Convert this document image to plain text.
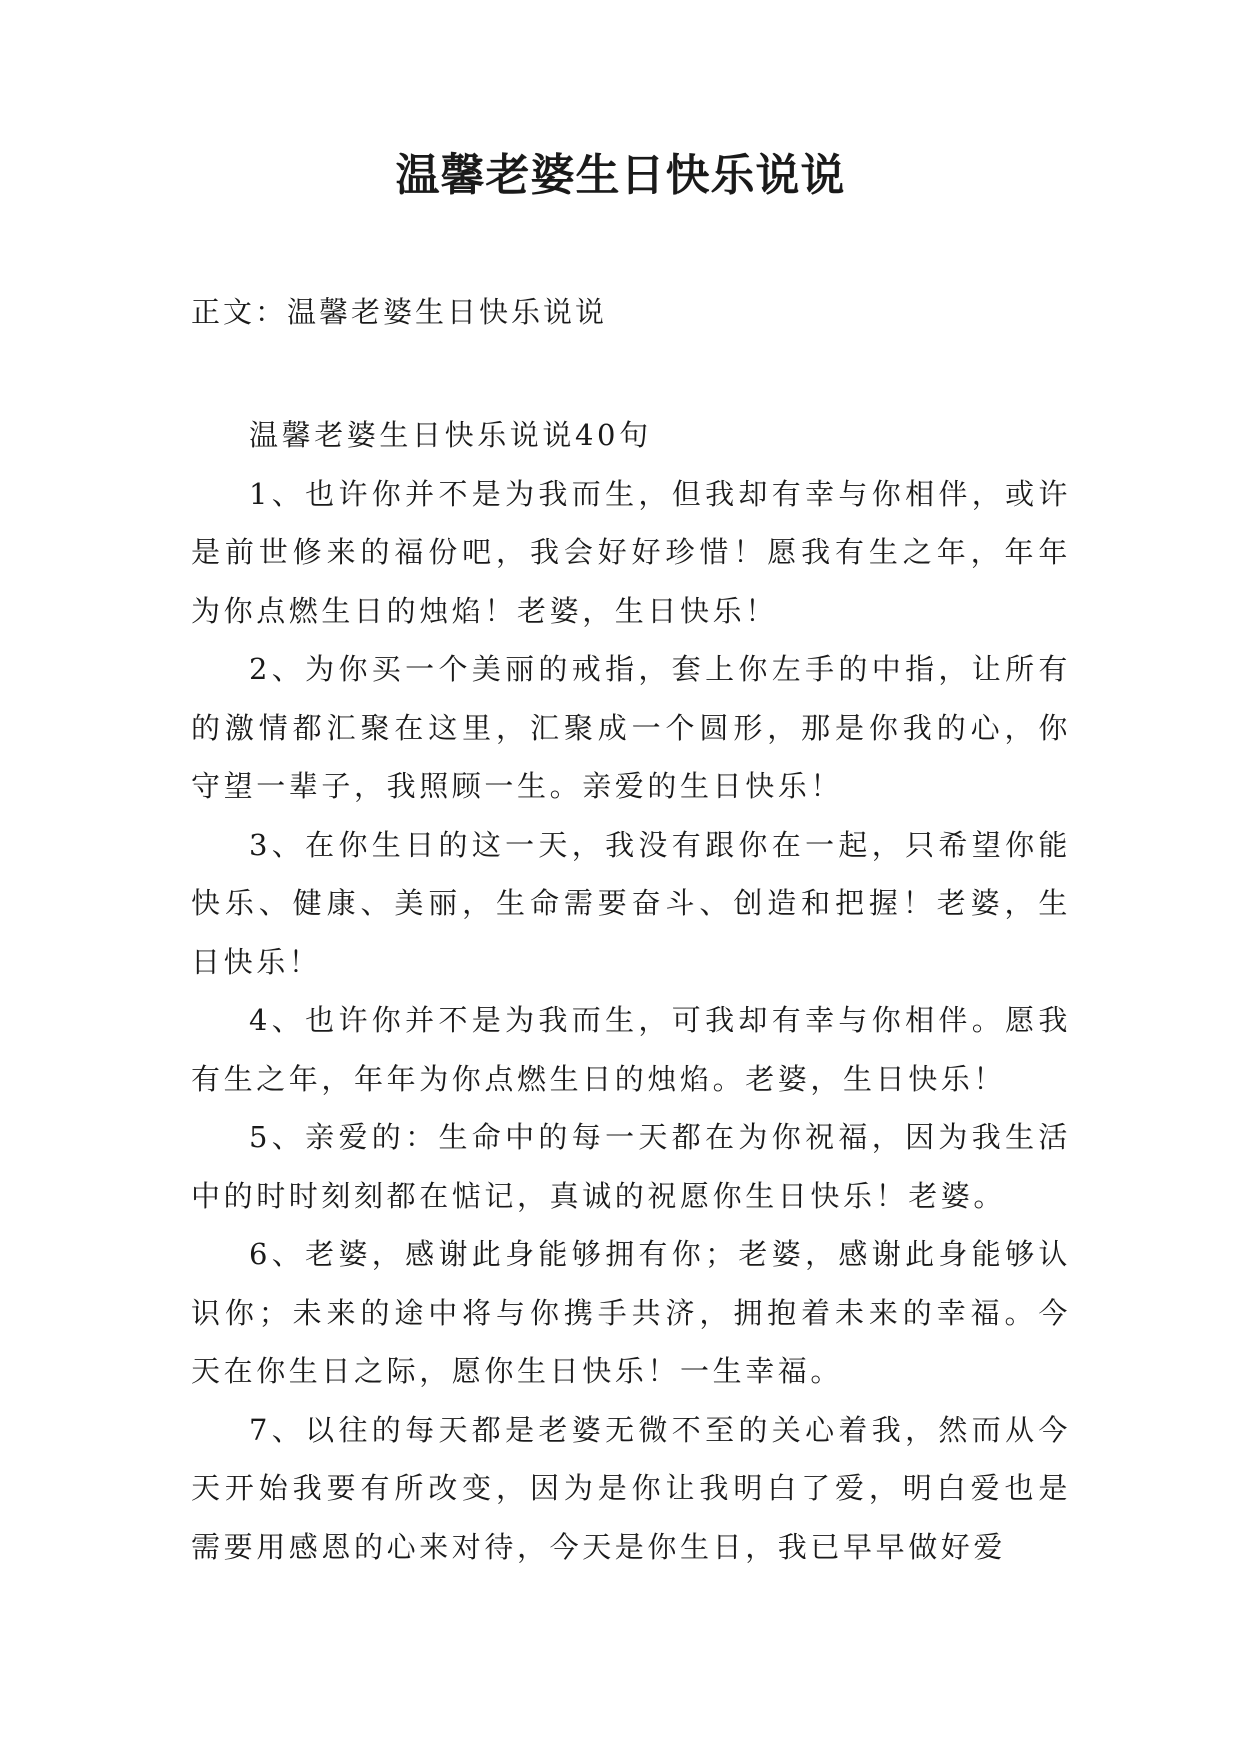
温馨老婆生日快乐说说

正文：温馨老婆生日快乐说说

温馨老婆生日快乐说说40句

1、也许你并不是为我而生，但我却有幸与你相伴，或许是前世修来的福份吧，我会好好珍惜！愿我有生之年，年年为你点燃生日的烛焰！老婆，生日快乐！

2、为你买一个美丽的戒指，套上你左手的中指，让所有的激情都汇聚在这里，汇聚成一个圆形，那是你我的心，你守望一辈子，我照顾一生。亲爱的生日快乐！

3、在你生日的这一天，我没有跟你在一起，只希望你能快乐、健康、美丽，生命需要奋斗、创造和把握！老婆，生日快乐！

4、也许你并不是为我而生，可我却有幸与你相伴。愿我有生之年，年年为你点燃生日的烛焰。老婆，生日快乐！

5、亲爱的：生命中的每一天都在为你祝福，因为我生活中的时时刻刻都在惦记，真诚的祝愿你生日快乐！老婆。

6、老婆，感谢此身能够拥有你；老婆，感谢此身能够认识你；未来的途中将与你携手共济，拥抱着未来的幸福。今天在你生日之际，愿你生日快乐！一生幸福。

7、以往的每天都是老婆无微不至的关心着我，然而从今天开始我要有所改变，因为是你让我明白了爱，明白爱也是需要用感恩的心来对待，今天是你生日，我已早早做好爱
